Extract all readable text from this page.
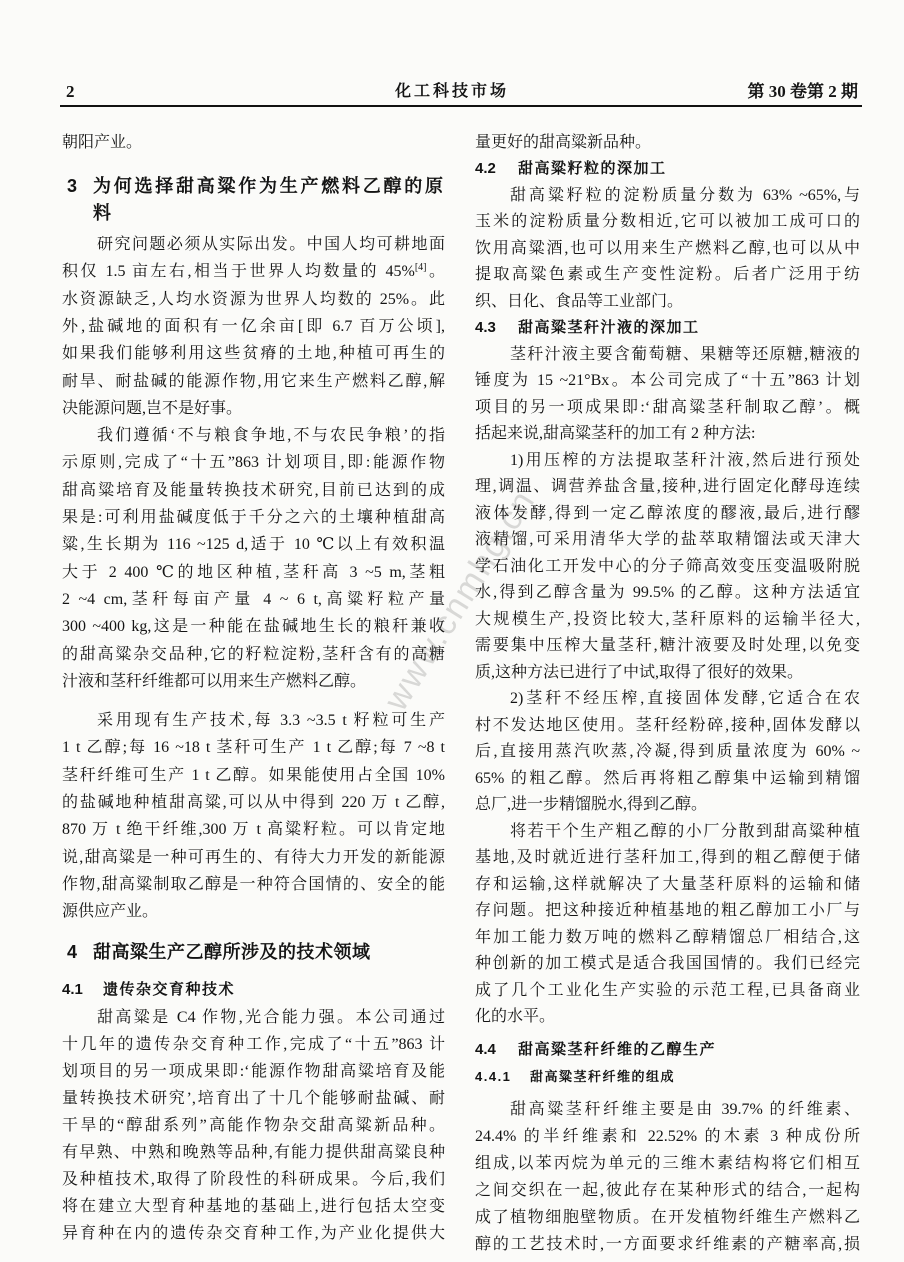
2	化工科技市场	第 30 卷第 2 期
www.cnmhg.cn
朝阳产业。
3 为何选择甜高粱作为生产燃料乙醇的原
料
研究问题必须从实际出发。中国人均可耕地面
积仅 1.5 亩左右,相当于世界人均数量的 45%[4]。
水资源缺乏,人均水资源为世界人均数的 25%。此
外,盐碱地的面积有一亿余亩[即 6.7 百万公顷],
如果我们能够利用这些贫瘠的土地,种植可再生的
耐旱、耐盐碱的能源作物,用它来生产燃料乙醇,解
决能源问题,岂不是好事。
我们遵循‘不与粮食争地,不与农民争粮’的指
示原则,完成了“十五”863 计划项目,即:能源作物
甜高粱培育及能量转换技术研究,目前已达到的成
果是:可利用盐碱度低于千分之六的土壤种植甜高
粱,生长期为 116 ~125 d,适于 10 ℃以上有效积温
大于 2 400 ℃的地区种植,茎秆高 3 ~5 m,茎粗
2 ~4 cm,茎秆每亩产量 4 ~ 6 t,高粱籽粒产量
300 ~400 kg,这是一种能在盐碱地生长的粮秆兼收
的甜高粱杂交品种,它的籽粒淀粉,茎秆含有的高糖
汁液和茎秆纤维都可以用来生产燃料乙醇。
采用现有生产技术,每 3.3 ~3.5 t 籽粒可生产
1 t 乙醇;每 16 ~18 t 茎秆可生产 1 t 乙醇;每 7 ~8 t
茎秆纤维可生产 1 t 乙醇。如果能使用占全国 10%
的盐碱地种植甜高粱,可以从中得到 220 万 t 乙醇,
870 万 t 绝干纤维,300 万 t 高粱籽粒。可以肯定地
说,甜高粱是一种可再生的、有待大力开发的新能源
作物,甜高粱制取乙醇是一种符合国情的、安全的能
源供应产业。
4 甜高粱生产乙醇所涉及的技术领域
4.1 遗传杂交育种技术
甜高粱是 C4 作物,光合能力强。本公司通过
十几年的遗传杂交育种工作,完成了“十五”863 计
划项目的另一项成果即:‘能源作物甜高粱培育及能
量转换技术研究’,培育出了十几个能够耐盐碱、耐
干旱的“醇甜系列”高能作物杂交甜高粱新品种。
有早熟、中熟和晚熟等品种,有能力提供甜高粱良种
及种植技术,取得了阶段性的科研成果。今后,我们
将在建立大型育种基地的基础上,进行包括太空变
异育种在内的遗传杂交育种工作,为产业化提供大
量更好的甜高粱新品种。
4.2 甜高粱籽粒的深加工
甜高粱籽粒的淀粉质量分数为 63% ~65%,与
玉米的淀粉质量分数相近,它可以被加工成可口的
饮用高粱酒,也可以用来生产燃料乙醇,也可以从中
提取高粱色素或生产变性淀粉。后者广泛用于纺
织、日化、食品等工业部门。
4.3 甜高粱茎秆汁液的深加工
茎秆汁液主要含葡萄糖、果糖等还原糖,糖液的
锤度为 15 ~21°Bx。本公司完成了“十五”863 计划
项目的另一项成果即:‘甜高粱茎秆制取乙醇’。概
括起来说,甜高粱茎秆的加工有 2 种方法:
1)用压榨的方法提取茎秆汁液,然后进行预处
理,调温、调营养盐含量,接种,进行固定化酵母连续
液体发酵,得到一定乙醇浓度的醪液,最后,进行醪
液精馏,可采用清华大学的盐萃取精馏法或天津大
学石油化工开发中心的分子筛高效变压变温吸附脱
水,得到乙醇含量为 99.5% 的乙醇。这种方法适宜
大规模生产,投资比较大,茎秆原料的运输半径大,
需要集中压榨大量茎秆,糖汁液要及时处理,以免变
质,这种方法已进行了中试,取得了很好的效果。
2)茎秆不经压榨,直接固体发酵,它适合在农
村不发达地区使用。茎秆经粉碎,接种,固体发酵以
后,直接用蒸汽吹蒸,冷凝,得到质量浓度为 60% ~
65% 的粗乙醇。然后再将粗乙醇集中运输到精馏
总厂,进一步精馏脱水,得到乙醇。
将若干个生产粗乙醇的小厂分散到甜高粱种植
基地,及时就近进行茎秆加工,得到的粗乙醇便于储
存和运输,这样就解决了大量茎秆原料的运输和储
存问题。把这种接近种植基地的粗乙醇加工小厂与
年加工能力数万吨的燃料乙醇精馏总厂相结合,这
种创新的加工模式是适合我国国情的。我们已经完
成了几个工业化生产实验的示范工程,已具备商业
化的水平。
4.4 甜高粱茎秆纤维的乙醇生产
4.4.1 甜高粱茎秆纤维的组成
甜高粱茎秆纤维主要是由 39.7% 的纤维素、
24.4% 的半纤维素和 22.52% 的木素 3 种成份所
组成,以苯丙烷为单元的三维木素结构将它们相互
之间交织在一起,彼此存在某种形式的结合,一起构
成了植物细胞壁物质。在开发植物纤维生产燃料乙
醇的工艺技术时,一方面要求纤维素的产糖率高,损
